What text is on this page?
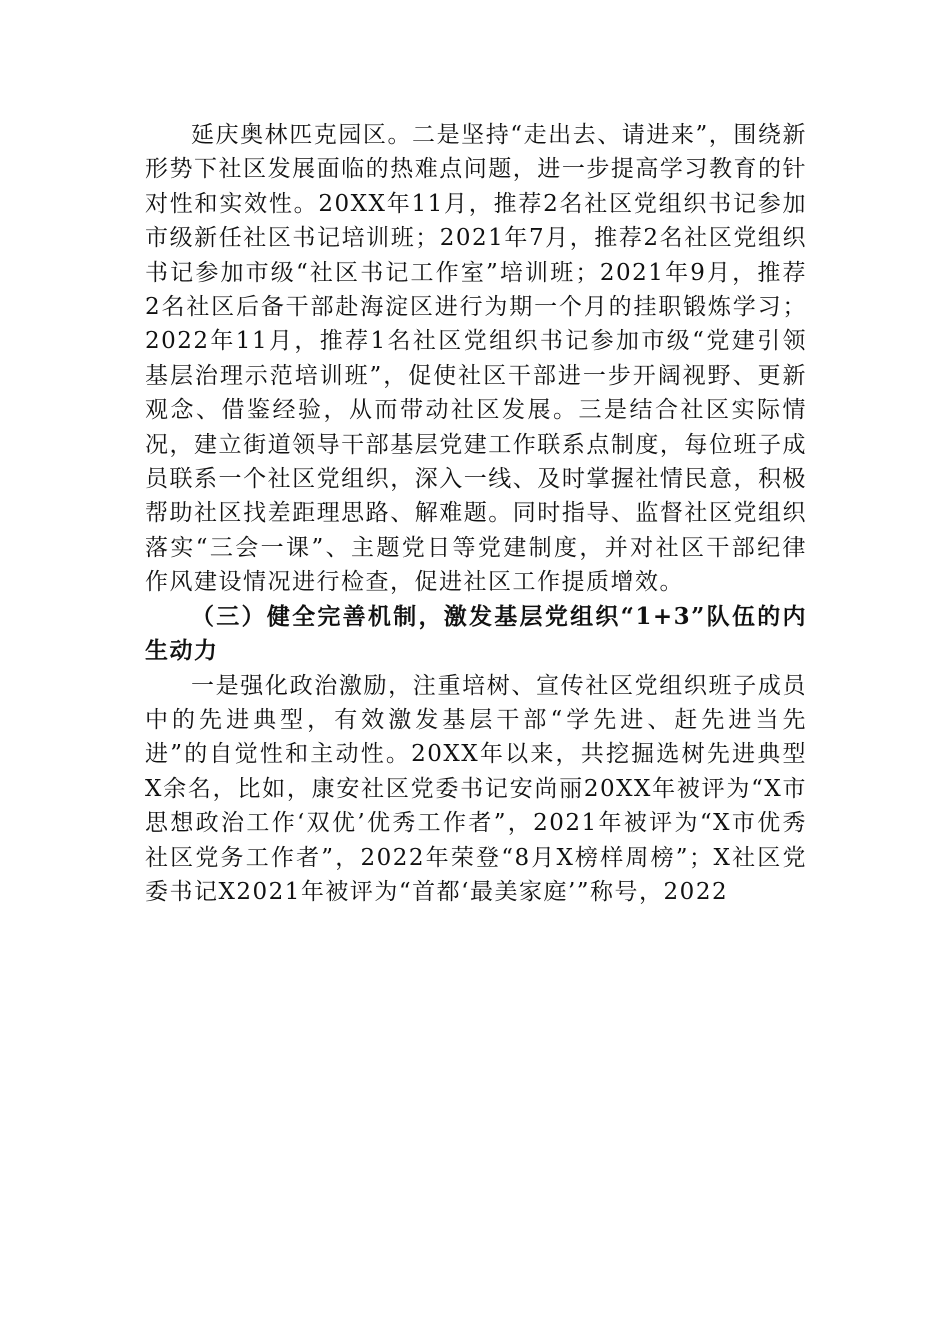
延庆奥林匹克园区。二是坚持“走出去、请进来”，围绕新形势下社区发展面临的热难点问题，进一步提高学习教育的针对性和实效性。20XX年11月，推荐2名社区党组织书记参加市级新任社区书记培训班；2021年7月，推荐2名社区党组织书记参加市级“社区书记工作室”培训班；2021年9月，推荐2名社区后备干部赴海淀区进行为期一个月的挂职锻炼学习；2022年11月，推荐1名社区党组织书记参加市级“党建引领基层治理示范培训班”，促使社区干部进一步开阔视野、更新观念、借鉴经验，从而带动社区发展。三是结合社区实际情况，建立街道领导干部基层党建工作联系点制度，每位班子成员联系一个社区党组织，深入一线、及时掌握社情民意，积极帮助社区找差距理思路、解难题。同时指导、监督社区党组织落实“三会一课”、主题党日等党建制度，并对社区干部纪律作风建设情况进行检查，促进社区工作提质增效。

（三）健全完善机制，激发基层党组织“1+3”队伍的内生动力

一是强化政治激励，注重培树、宣传社区党组织班子成员中的先进典型，有效激发基层干部“学先进、赶先进当先进”的自觉性和主动性。20XX年以来，共挖掘选树先进典型X余名，比如，康安社区党委书记安尚丽20XX年被评为“X市思想政治工作‘双优’优秀工作者”，2021年被评为“X市优秀社区党务工作者”，2022年荣登“8月X榜样周榜”；X社区党委书记X2021年被评为“首都‘最美家庭’”称号，2022
